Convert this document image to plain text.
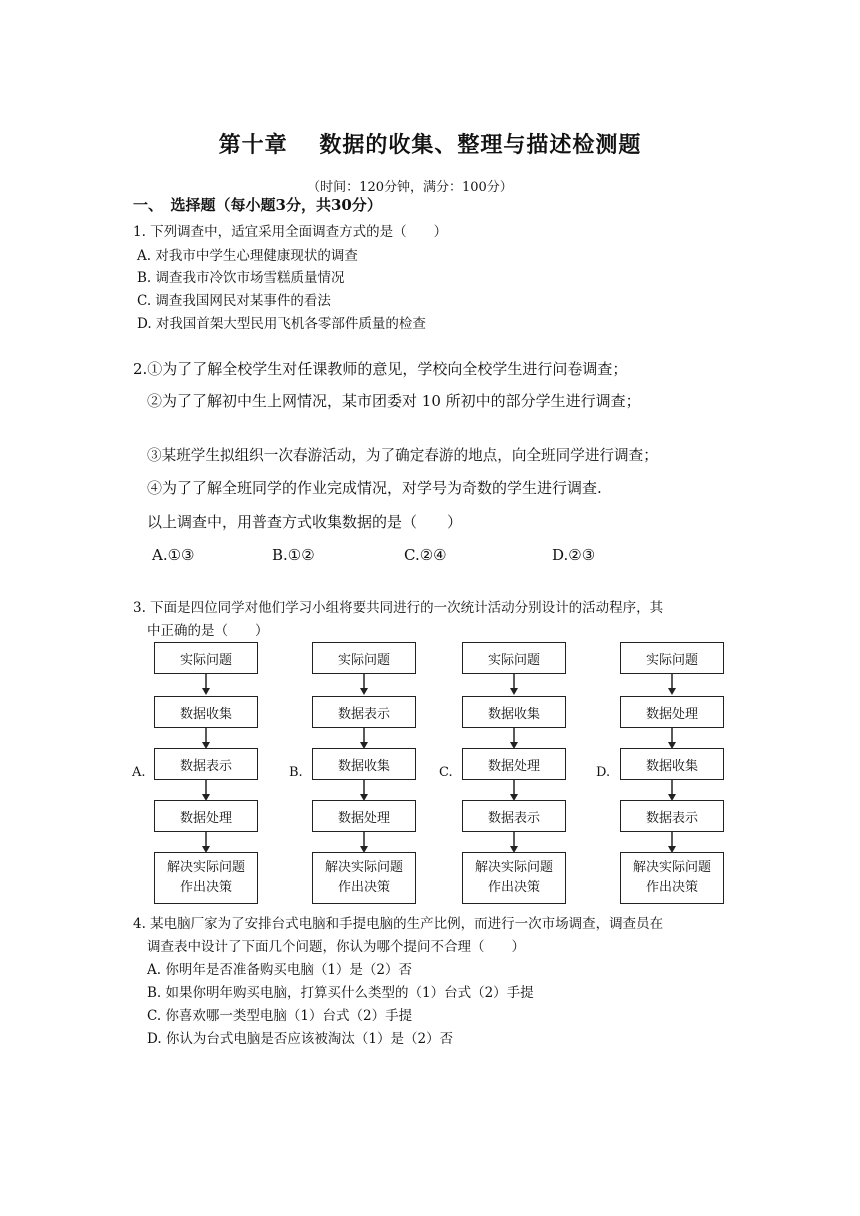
第十章　 数据的收集、整理与描述检测题
（时间：120分钟，满分：100分）
一、　选择题（每小题3分，共30分）
1. 下列调查中，适宜采用全面调查方式的是（　　）
A. 对我市中学生心理健康现状的调查
B. 调查我市冷饮市场雪糕质量情况
C. 调查我国网民对某事件的看法
D. 对我国首架大型民用飞机各零部件质量的检查
2.①为了了解全校学生对任课教师的意见，学校向全校学生进行问卷调查；
②为了了解初中生上网情况，某市团委对 10 所初中的部分学生进行调查；
③某班学生拟组织一次春游活动，为了确定春游的地点，向全班同学进行调查；
④为了了解全班同学的作业完成情况，对学号为奇数的学生进行调查.
以上调查中，用普查方式收集数据的是（　　）
A.①③	B.①②	C.②④	D.②③
3. 下面是四位同学对他们学习小组将要共同进行的一次统计活动分别设计的活动程序，其
中正确的是（　　）
实际问题
数据收集
数据表示
数据处理
解决实际问题
作出决策
A.
实际问题
数据表示
数据收集
数据处理
解决实际问题
作出决策
B.
实际问题
数据收集
数据处理
数据表示
解决实际问题
作出决策
C.
实际问题
数据处理
数据收集
数据表示
解决实际问题
作出决策
D.
4. 某电脑厂家为了安排台式电脑和手提电脑的生产比例，而进行一次市场调查，调查员在
调查表中设计了下面几个问题，你认为哪个提问不合理（　　）
A. 你明年是否准备购买电脑（1）是（2）否
B. 如果你明年购买电脑，打算买什么类型的（1）台式（2）手提
C. 你喜欢哪一类型电脑（1）台式（2）手提
D. 你认为台式电脑是否应该被淘汰（1）是（2）否
